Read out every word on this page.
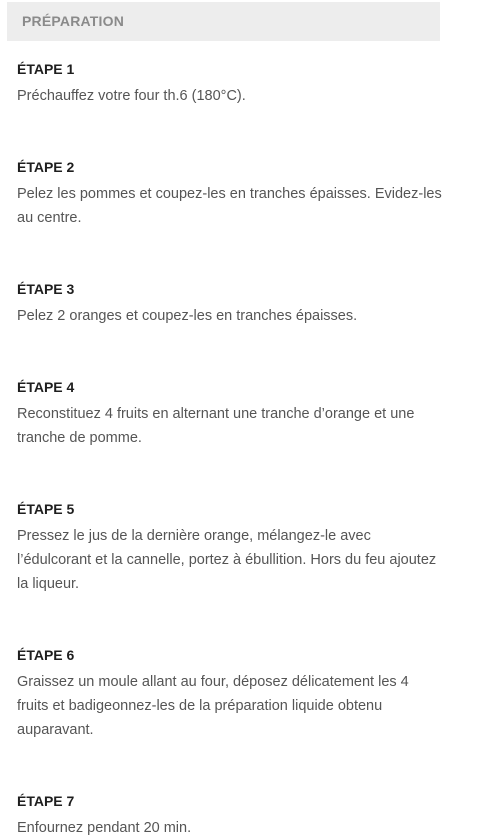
PRÉPARATION
ÉTAPE 1
Préchauffez votre four th.6 (180°C).
ÉTAPE 2
Pelez les pommes et coupez-les en tranches épaisses. Evidez-les au centre.
ÉTAPE 3
Pelez 2 oranges et coupez-les en tranches épaisses.
ÉTAPE 4
Reconstituez 4 fruits en alternant une tranche d’orange et une tranche de pomme.
ÉTAPE 5
Pressez le jus de la dernière orange, mélangez-le avec l’édulcorant et la cannelle, portez à ébullition. Hors du feu ajoutez la liqueur.
ÉTAPE 6
Graissez un moule allant au four, déposez délicatement les 4 fruits et badigeonnez-les de la préparation liquide obtenu auparavant.
ÉTAPE 7
Enfournez pendant 20 min.
